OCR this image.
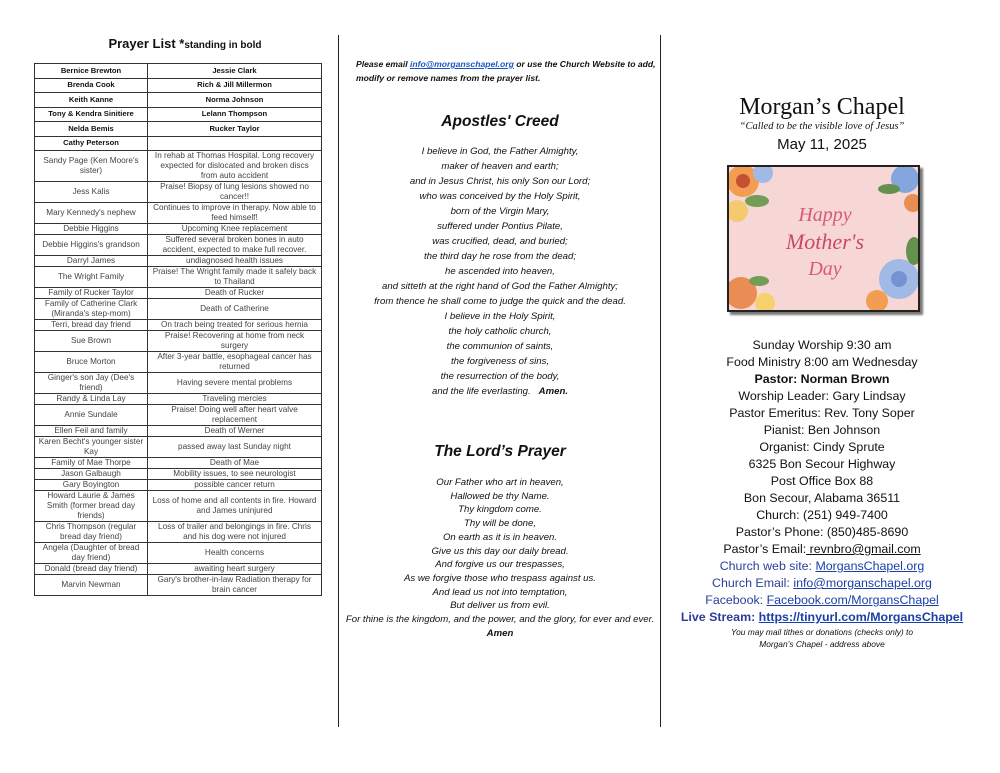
Prayer List *standing in bold
Bernice Brewton	Jessie Clark
Brenda Cook	Rich & Jill Millermon
Keith Kanne	Norma Johnson
Tony & Kendra Sinitiere	Lelann Thompson
Nelda Bemis	Rucker Taylor
Cathy Peterson	
Sandy Page (Ken Moore's sister)	In rehab at Thomas Hospital. Long recovery expected for dislocated and broken discs from auto accident
Jess Kalis	Praise! Biopsy of lung lesions showed no cancer!!
Mary Kennedy's nephew	Continues to improve in therapy. Now able to feed himself!
Debbie Higgins	Upcoming Knee replacement
Debbie Higgins's grandson	Suffered several broken bones in auto accident, expected to make full recover.
Darryl James	undiagnosed health issues
The Wright Family	Praise! The Wright family made it safely back to Thailand
Family of Rucker Taylor	Death of Rucker
Family of Catherine Clark (Miranda's step-mom)	Death of Catherine
Terri, bread day friend	On trach being treated for serious hernia
Sue Brown	Praise! Recovering at home from neck surgery
Bruce Morton	After 3-year battle, esophageal cancer has returned
Ginger's son Jay (Dee's friend)	Having severe mental problems
Randy & Linda Lay	Traveling mercies
Annie Sundale	Praise! Doing well after heart valve replacement
Ellen Feil and family	Death of Werner
Karen Becht's younger sister Kay	passed away last Sunday night
Family of Mae Thorpe	Death of Mae
Jason Galbaugh	Mobility issues, to see neurologist
Gary Boyington	possible cancer return
Howard Laurie & James Smith (former bread day friends)	Loss of home and all contents in fire. Howard and James uninjured
Chris Thompson (regular bread day friend)	Loss of trailer and belongings in fire. Chris and his dog were not injured
Angela (Daughter of bread day friend)	Health concerns
Donald (bread day friend)	awaiting heart surgery
Marvin Newman	Gary's brother-in-law Radiation therapy for brain cancer
Please email info@morganschapel.org or use the Church Website to add, modify or remove names from the prayer list.
Apostles' Creed
I believe in God, the Father Almighty,
maker of heaven and earth;
and in Jesus Christ, his only Son our Lord;
who was conceived by the Holy Spirit,
born of the Virgin Mary,
suffered under Pontius Pilate,
was crucified, dead, and buried;
the third day he rose from the dead;
he ascended into heaven,
and sitteth at the right hand of God the Father Almighty;
from thence he shall come to judge the quick and the dead.
I believe in the Holy Spirit,
the holy catholic church,
the communion of saints,
the forgiveness of sins,
the resurrection of the body,
and the life everlasting. Amen.
The Lord’s Prayer
Our Father who art in heaven,
Hallowed be thy Name.
Thy kingdom come.
Thy will be done,
On earth as it is in heaven.
Give us this day our daily bread.
And forgive us our trespasses,
As we forgive those who trespass against us.
And lead us not into temptation,
But deliver us from evil.
For thine is the kingdom, and the power, and the glory, for ever and ever.
Amen
Morgan’s Chapel
“Called to be the visible love of Jesus”
May 11, 2025
Happy
Mother's
Day
Sunday Worship 9:30 am
Food Ministry 8:00 am Wednesday
Pastor: Norman Brown
Worship Leader: Gary Lindsay
Pastor Emeritus: Rev. Tony Soper
Pianist: Ben Johnson
Organist: Cindy Sprute
6325 Bon Secour Highway
Post Office Box 88
Bon Secour, Alabama 36511
Church: (251) 949-7400
Pastor’s Phone: (850)485-8690
Pastor’s Email: revnbro@gmail.com
Church web site: MorgansChapel.org
Church Email: info@morganschapel.org
Facebook: Facebook.com/MorgansChapel
Live Stream: https://tinyurl.com/MorgansChapel
You may mail tithes or donations (checks only) to
Morgan’s Chapel - address above
